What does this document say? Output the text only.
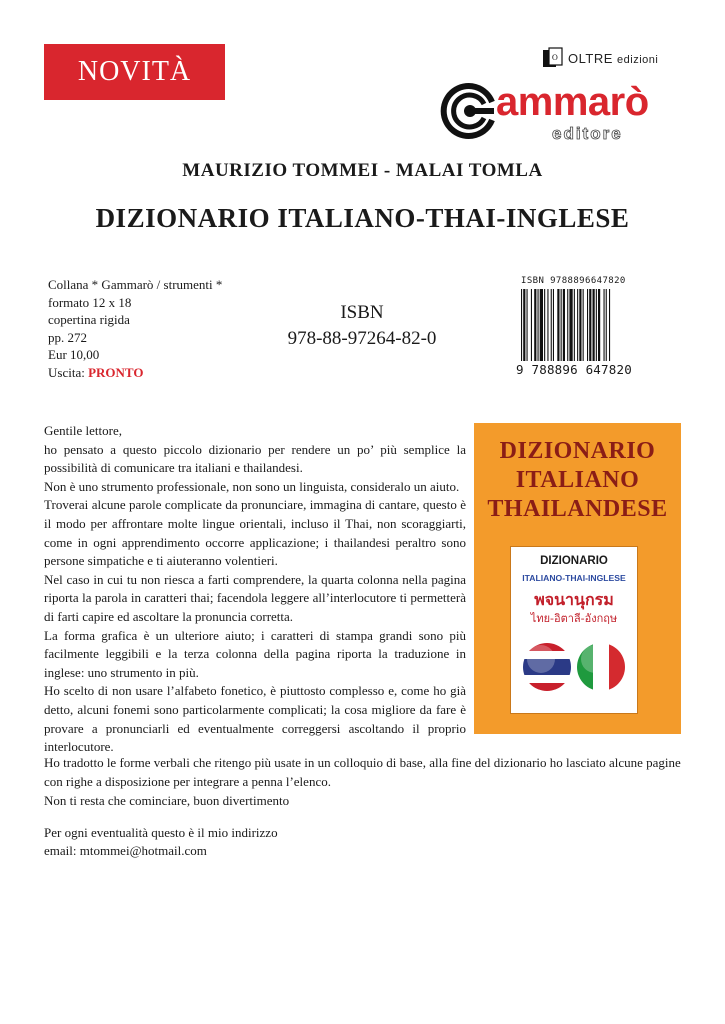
NOVITÀ	O OLTRE edizioni
ammarò
editore
MAURIZIO TOMMEI - MALAI TOMLA
DIZIONARIO ITALIANO-THAI-INGLESE
Collana * Gammarò / strumenti *
formato 12 x 18
copertina rigida
pp. 272
Eur 10,00
Uscita: PRONTO
ISBN
978-88-97264-82-0
ISBN 9788896647820
9 788896 647820

Gentile lettore,

ho pensato a questo piccolo dizionario per rendere un po’ più semplice la possibilità di comunicare tra italiani e thailandesi.

Non è uno strumento professionale, non sono un linguista, consideralo un aiuto.

Troverai alcune parole complicate da pronunciare, immagina di cantare, questo è il modo per affrontare molte lingue orientali, incluso il Thai, non scoraggiarti, come in ogni apprendimento occorre applicazione; i thailandesi peraltro sono persone simpatiche e ti aiuteranno volentieri.

Nel caso in cui tu non riesca a farti comprendere, la quarta colonna nella pagina riporta la parola in caratteri thai; facendola leggere all’interlocutore ti permetterà di farti capire ed ascoltare la pronuncia corretta.

La forma grafica è un ulteriore aiuto; i caratteri di stampa grandi sono più facilmente leggibili e la terza colonna della pagina riporta la traduzione in inglese: uno strumento in più.

Ho scelto di non usare l’alfabeto fonetico, è piuttosto complesso e, come ho già detto, alcuni fonemi sono particolarmente complicati; la cosa migliore da fare è provare a pronunciarli ed eventualmente correggersi ascoltando il proprio interlocutore.

Ho tradotto le forme verbali che ritengo più usate in un colloquio di base, alla fine del dizionario ho lasciato alcune pagine con righe a disposizione per integrare a penna l’elenco.
Non ti resta che cominciare, buon divertimento
Per ogni eventualità questo è il mio indirizzo
email: mtommei@hotmail.com
DIZIONARIO
ITALIANO
THAILANDESE
DIZIONARIO
ITALIANO-THAI-INGLESE
พจนานุกรม
ไทย-อิตาลี-อังกฤษ
